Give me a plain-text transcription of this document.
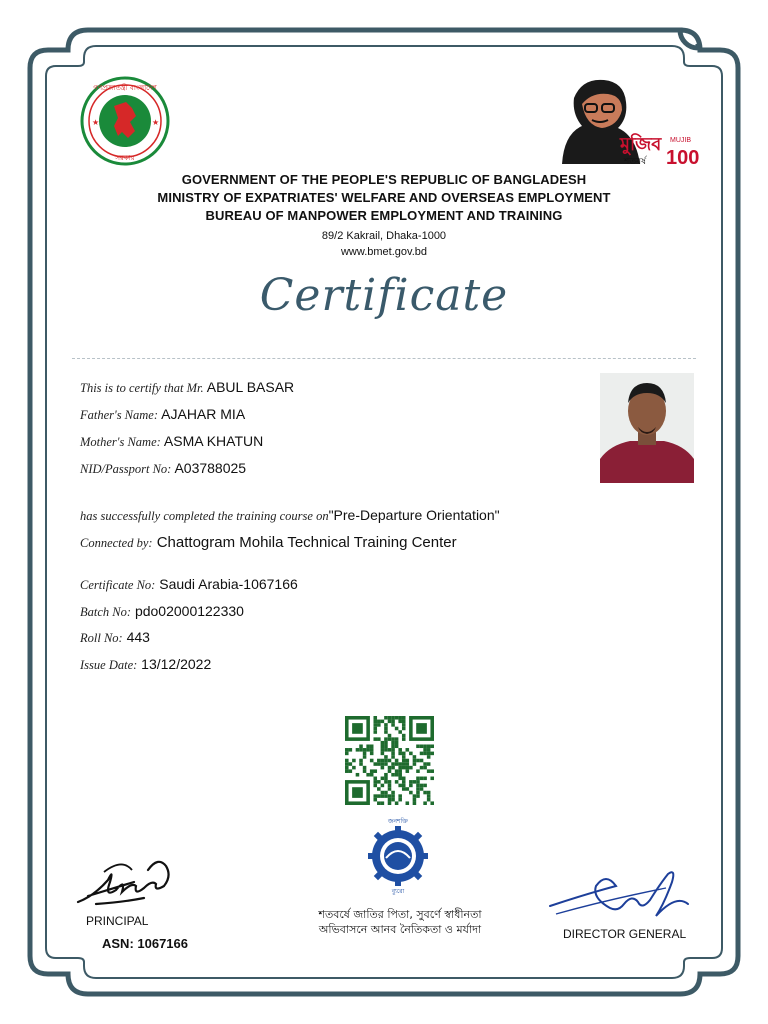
গণপ্রজাতন্ত্রী বাংলাদেশ
সরকার
★	★
মুজিব
শতবর্ষ
MUJIB
100
GOVERNMENT OF THE PEOPLE'S REPUBLIC OF BANGLADESH
MINISTRY OF EXPATRIATES' WELFARE AND OVERSEAS EMPLOYMENT
BUREAU OF MANPOWER EMPLOYMENT AND TRAINING
89/2 Kakrail, Dhaka-1000
www.bmet.gov.bd
Certificate
This is to certify that Mr. ABUL BASAR
Father's Name: AJAHAR MIA
Mother's Name: ASMA KHATUN
NID/Passport No: A03788025
has successfully completed the training course on"Pre-Departure Orientation"
Connected by: Chattogram Mohila Technical Training Center
Certificate No: Saudi Arabia-1067166
Batch No: pdo02000122330
Roll No: 443
Issue Date: 13/12/2022
জনশক্তি
ব্যুরো
PRINCIPAL
ASN: 1067166
শতবর্ষে জাতির পিতা, সুবর্ণে স্বাধীনতা
অভিবাসনে আনব নৈতিকতা ও মর্যাদা	DIRECTOR GENERAL
